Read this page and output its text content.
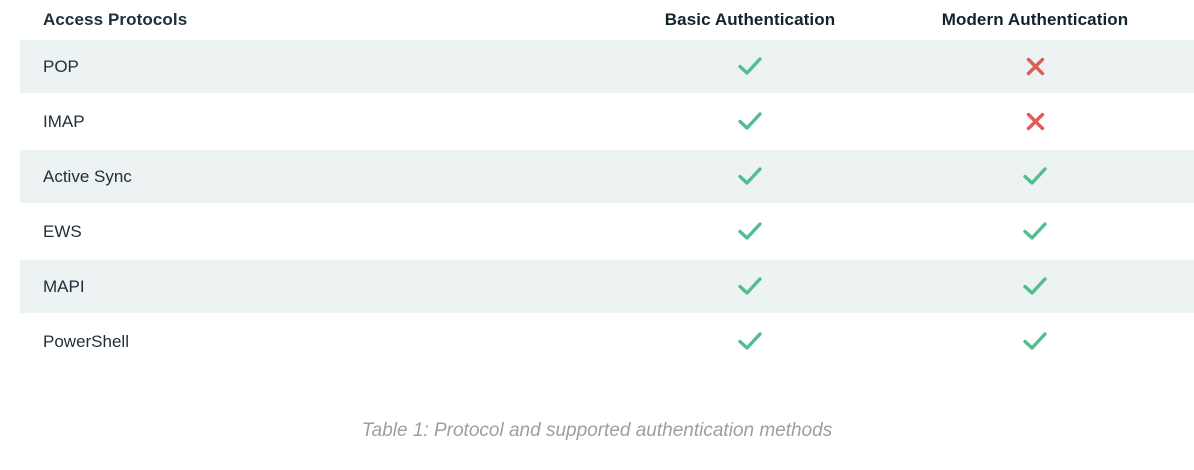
Access Protocols	Basic Authentication	Modern Authentication
POP
IMAP
Active Sync
EWS
MAPI
PowerShell
Table 1: Protocol and supported authentication methods
